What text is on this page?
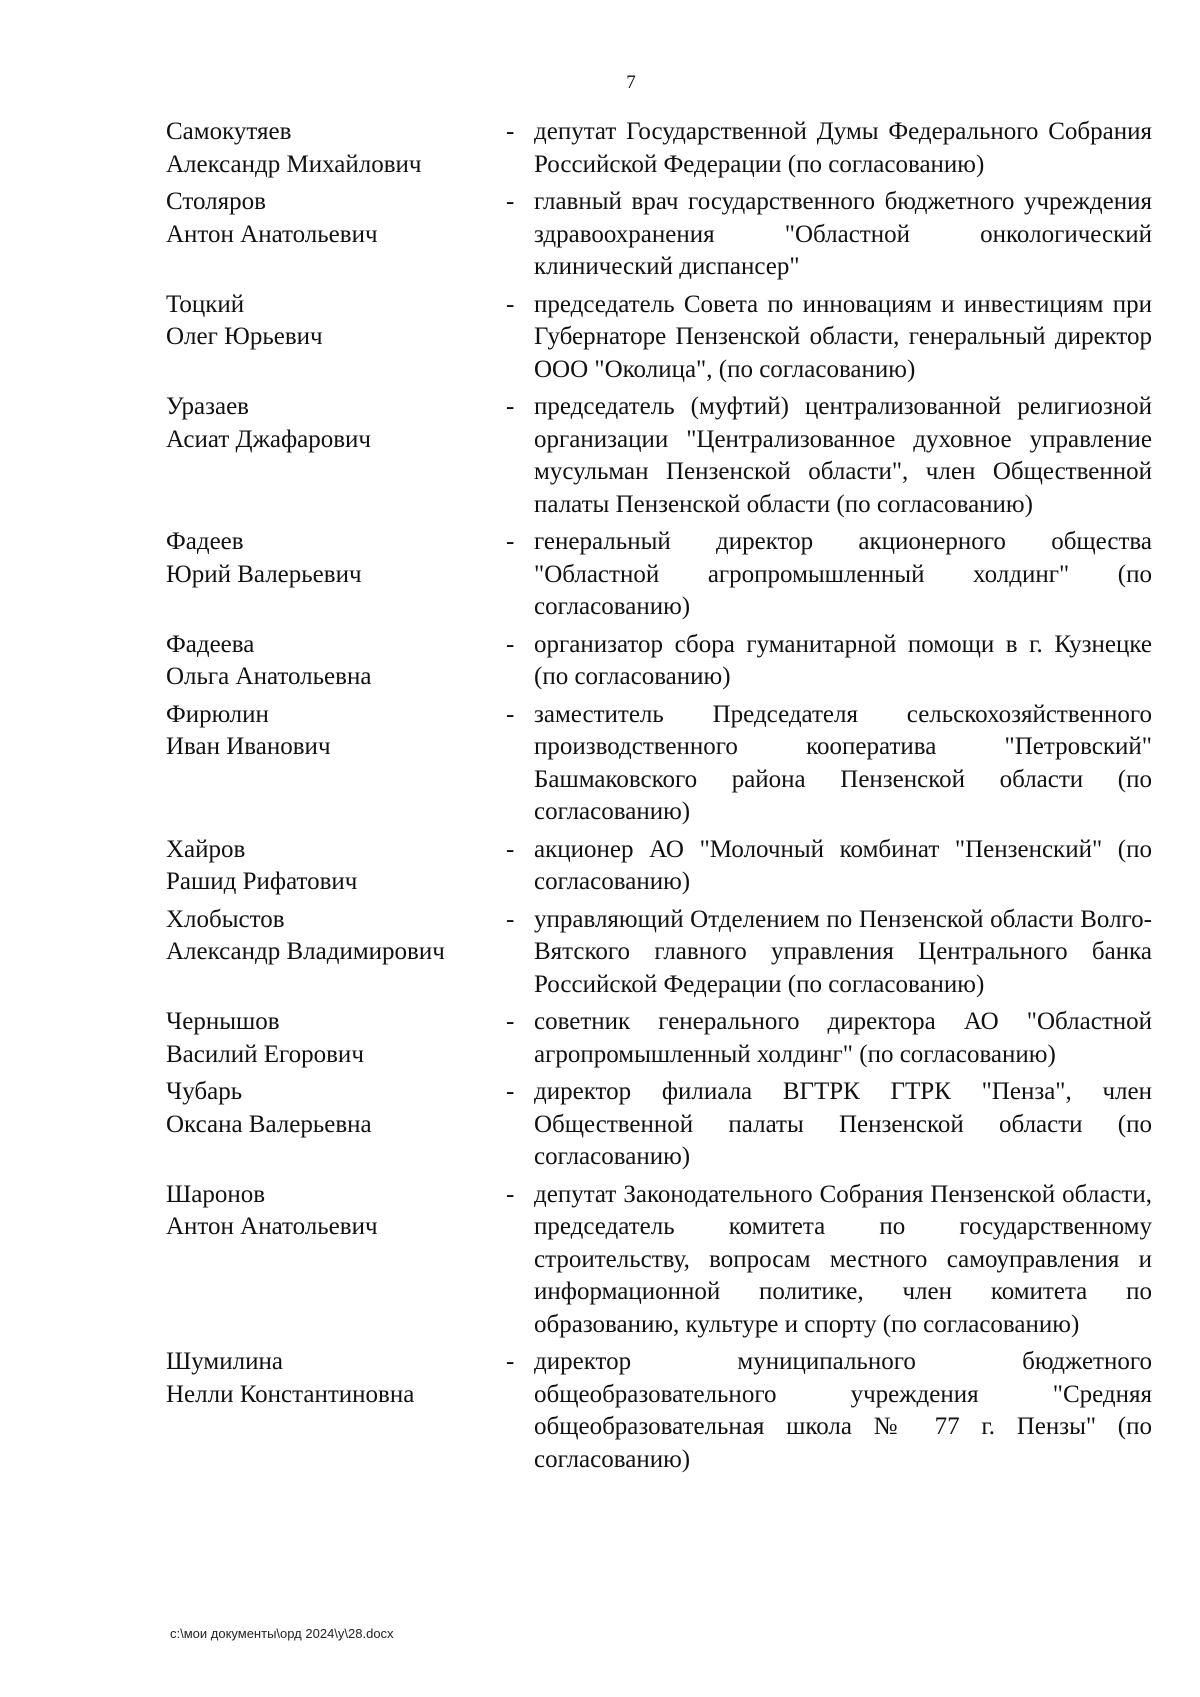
7
Самокутяев
Александр Михайлович
- депутат Государственной Думы Федерального Собрания Российской Федерации (по согласованию)
Столяров
Антон Анатольевич
- главный врач государственного бюджетного учреждения здравоохранения "Областной онкологический клинический диспансер"
Тоцкий
Олег Юрьевич
- председатель Совета по инновациям и инвестициям при Губернаторе Пензенской области, генеральный директор ООО "Околица", (по согласованию)
Уразаев
Асиат Джафарович
- председатель (муфтий) централизованной религиозной организации "Централизованное духовное управление мусульман Пензенской области", член Общественной палаты Пензенской области (по согласованию)
Фадеев
Юрий Валерьевич
- генеральный директор акционерного общества "Областной агропромышленный холдинг" (по согласованию)
Фадеева
Ольга Анатольевна
- организатор сбора гуманитарной помощи в г. Кузнецке (по согласованию)
Фирюлин
Иван Иванович
- заместитель Председателя сельскохозяйственного производственного кооператива "Петровский" Башмаковского района Пензенской области (по согласованию)
Хайров
Рашид Рифатович
- акционер АО "Молочный комбинат "Пензенский" (по согласованию)
Хлобыстов
Александр Владимирович
- управляющий Отделением по Пензенской области Волго-Вятского главного управления Центрального банка Российской Федерации (по согласованию)
Чернышов
Василий Егорович
- советник генерального директора АО "Областной агропромышленный холдинг" (по согласованию)
Чубарь
Оксана Валерьевна
- директор филиала ВГТРК ГТРК "Пенза", член Общественной палаты Пензенской области (по согласованию)
Шаронов
Антон Анатольевич
- депутат Законодательного Собрания Пензенской области, председатель комитета по государственному строительству, вопросам местного самоуправления и информационной политике, член комитета по образованию, культуре и спорту (по согласованию)
Шумилина
Нелли Константиновна
- директор муниципального бюджетного общеобразовательного учреждения "Средняя общеобразовательная школа № 77 г. Пензы" (по согласованию)
c:\мои документы\орд 2024\у\28.docx
